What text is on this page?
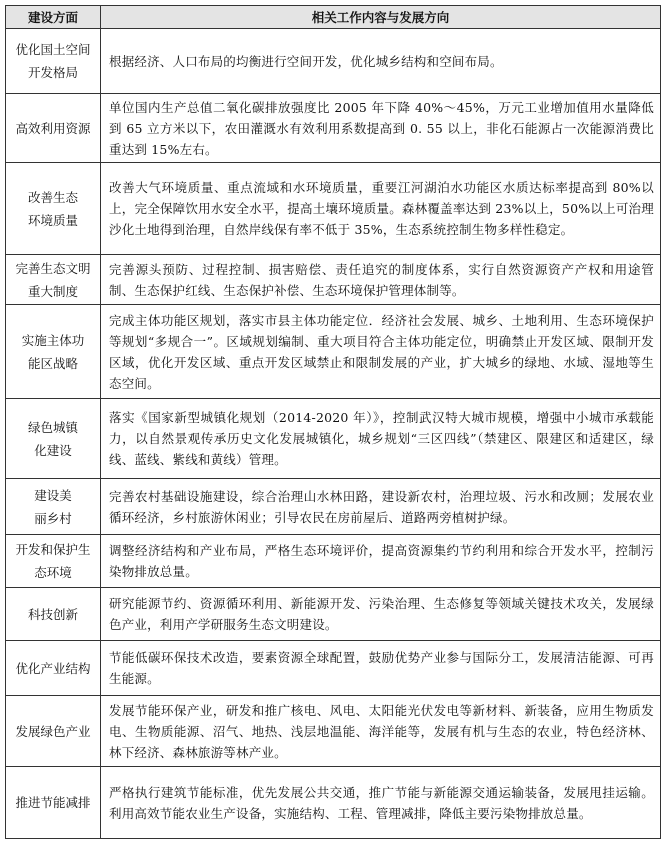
建设方面	相关工作内容与发展方向

优化国土空间开发格局	根据经济、人口布局的均衡进行空间开发，优化城乡结构和空间布局。
高效利用资源	单位国内生产总值二氧化碳排放强度比 2005 年下降 40%～45%，万元工业增加值用水量降低到 65 立方米以下，农田灌溉水有效利用系数提高到 0. 55 以上，非化石能源占一次能源消费比重达到 15%左右。

改善生态环境质量	改善大气环境质量、重点流域和水环境质量，重要江河湖泊水功能区水质达标率提高到 80%以上，完全保障饮用水安全水平，提高土壤环境质量。森林覆盖率达到 23%以上，50%以上可治理沙化土地得到治理，自然岸线保有率不低于 35%，生态系统控制生物多样性稳定。

完善生态文明重大制度	完善源头预防、过程控制、损害赔偿、责任追究的制度体系，实行自然资源资产产权和用途管制、生态保护红线、生态保护补偿、生态环境保护管理体制等。

实施主体功能区战略	完成主体功能区规划，落实市县主体功能定位．经济社会发展、城乡、土地利用、生态环境保护等规划“多规合一”。区域规划编制、重大项目符合主体功能定位，明确禁止开发区域、限制开发区域，优化开发区域、重点开发区域禁止和限制发展的产业，扩大城乡的绿地、水域、湿地等生态空间。

绿色城镇化建设	落实《国家新型城镇化规划（2014-2020 年）》，控制武汉特大城市规模，增强中小城市承载能力，以自然景观传承历史文化发展城镇化，城乡规划“三区四线”（禁建区、限建区和适建区，绿线、蓝线、紫线和黄线）管理。

建设美丽乡村	完善农村基础设施建设，综合治理山水林田路，建设新农村，治理垃圾、污水和改厕；发展农业循环经济，乡村旅游休闲业；引导农民在房前屋后、道路两旁植树护绿。

开发和保护生态环境	调整经济结构和产业布局，严格生态环境评价，提高资源集约节约利用和综合开发水平，控制污染物排放总量。
科技创新	研究能源节约、资源循环利用、新能源开发、污染治理、生态修复等领域关键技术攻关，发展绿色产业，利用产学研服务生态文明建设。
优化产业结构	节能低碳环保技术改造，要素资源全球配置，鼓励优势产业参与国际分工，发展清洁能源、可再生能源。
发展绿色产业	发展节能环保产业，研发和推广核电、风电、太阳能光伏发电等新材料、新装备，应用生物质发电、生物质能源、沼气、地热、浅层地温能、海洋能等，发展有机与生态的农业，特色经济林、林下经济、森林旅游等林产业。
推进节能减排	严格执行建筑节能标准，优先发展公共交通，推广节能与新能源交通运输装备，发展甩挂运输。利用高效节能农业生产设备，实施结构、工程、管理减排，降低主要污染物排放总量。
